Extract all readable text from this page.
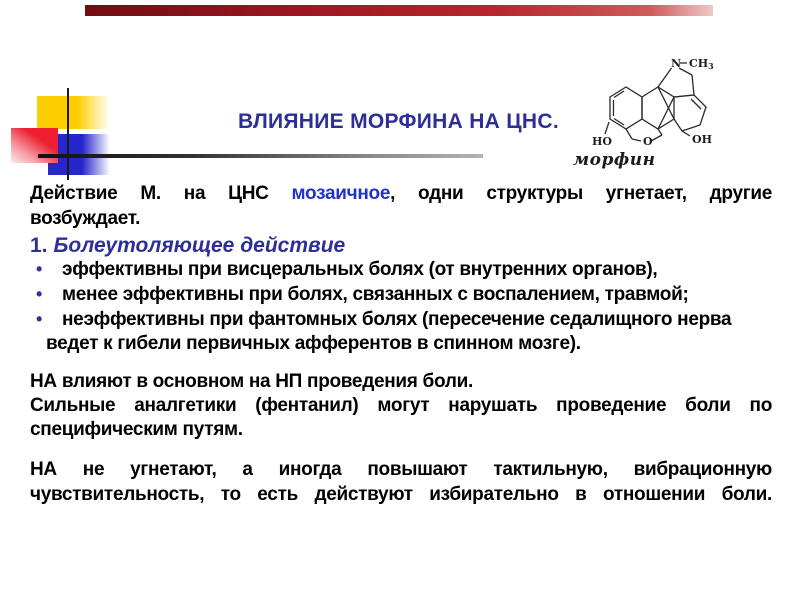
ВЛИЯНИЕ МОРФИНА НА ЦНС.
N CH3
HO	O	OH
морфин
Действие М. на ЦНС мозаичное, одни структуры угнетает, другие
возбуждает.
1. Болеутоляющее действие
• эффективны при висцеральных болях (от внутренних органов),
• менее эффективны при болях, связанных с воспалением, травмой;
• неэффективны при фантомных болях (пересечение седалищного нерва
ведет к гибели первичных афферентов в спинном мозге).
НА влияют в основном на НП проведения боли.
Сильные аналгетики (фентанил) могут нарушать проведение боли по
специфическим путям.
НА не угнетают, а иногда повышают тактильную, вибрационную
чувствительность, то есть действуют избирательно в отношении боли.
